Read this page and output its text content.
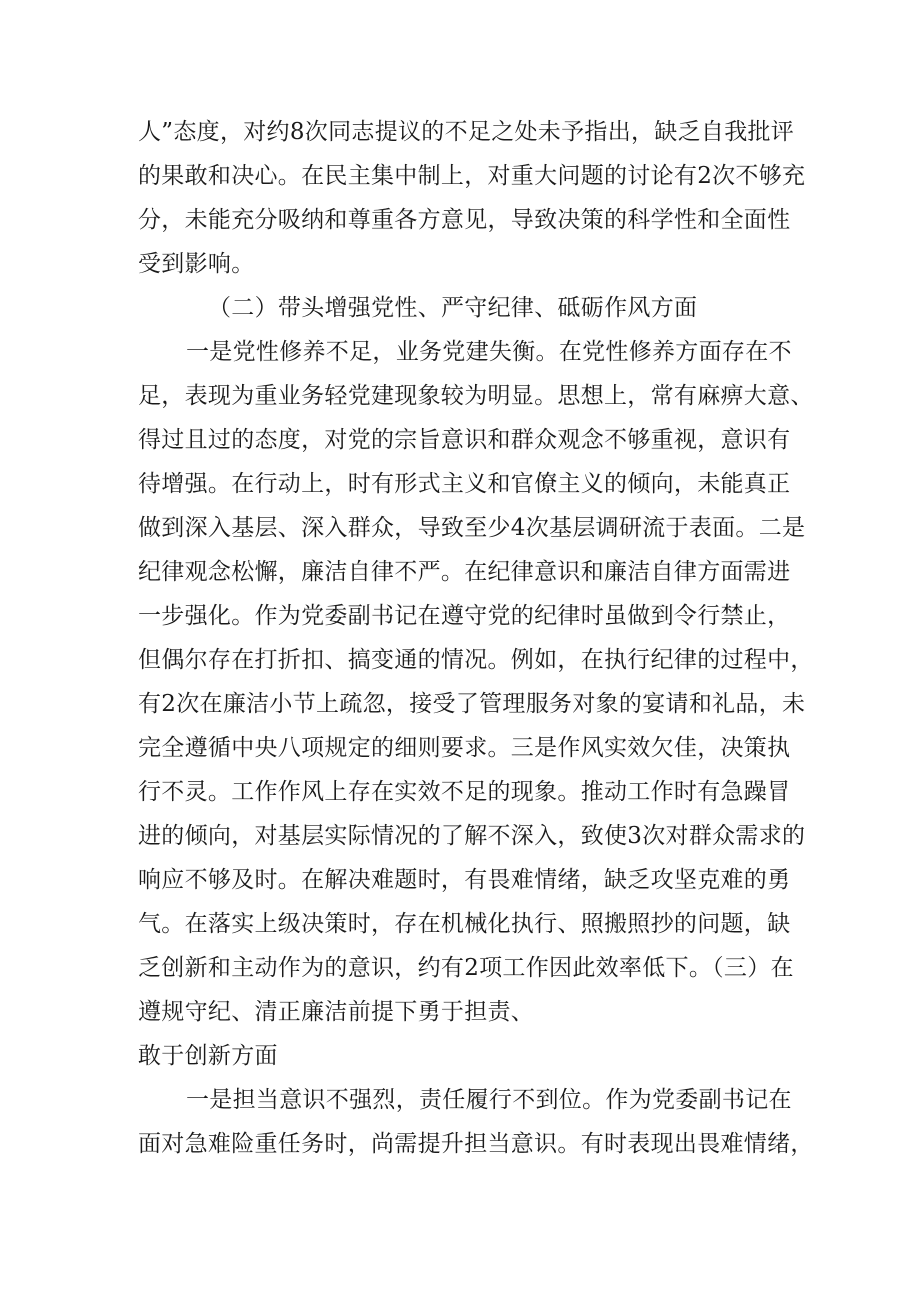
人”态度，对约8次同志提议的不足之处未予指出，缺乏自我批评
的果敢和决心。在民主集中制上，对重大问题的讨论有2次不够充
分，未能充分吸纳和尊重各方意见，导致决策的科学性和全面性
受到影响。
（二）带头增强党性、严守纪律、砥砺作风方面
一是党性修养不足，业务党建失衡。在党性修养方面存在不
足，表现为重业务轻党建现象较为明显。思想上，常有麻痹大意、
得过且过的态度，对党的宗旨意识和群众观念不够重视，意识有
待增强。在行动上，时有形式主义和官僚主义的倾向，未能真正
做到深入基层、深入群众，导致至少4次基层调研流于表面。二是
纪律观念松懈，廉洁自律不严。在纪律意识和廉洁自律方面需进
一步强化。作为党委副书记在遵守党的纪律时虽做到令行禁止，
但偶尔存在打折扣、搞变通的情况。例如，在执行纪律的过程中，
有2次在廉洁小节上疏忽，接受了管理服务对象的宴请和礼品，未
完全遵循中央八项规定的细则要求。三是作风实效欠佳，决策执
行不灵。工作作风上存在实效不足的现象。推动工作时有急躁冒
进的倾向，对基层实际情况的了解不深入，致使3次对群众需求的
响应不够及时。在解决难题时，有畏难情绪，缺乏攻坚克难的勇
气。在落实上级决策时，存在机械化执行、照搬照抄的问题，缺
乏创新和主动作为的意识，约有2项工作因此效率低下。（三）在
遵规守纪、清正廉洁前提下勇于担责、
敢于创新方面
一是担当意识不强烈，责任履行不到位。作为党委副书记在
面对急难险重任务时，尚需提升担当意识。有时表现出畏难情绪，
